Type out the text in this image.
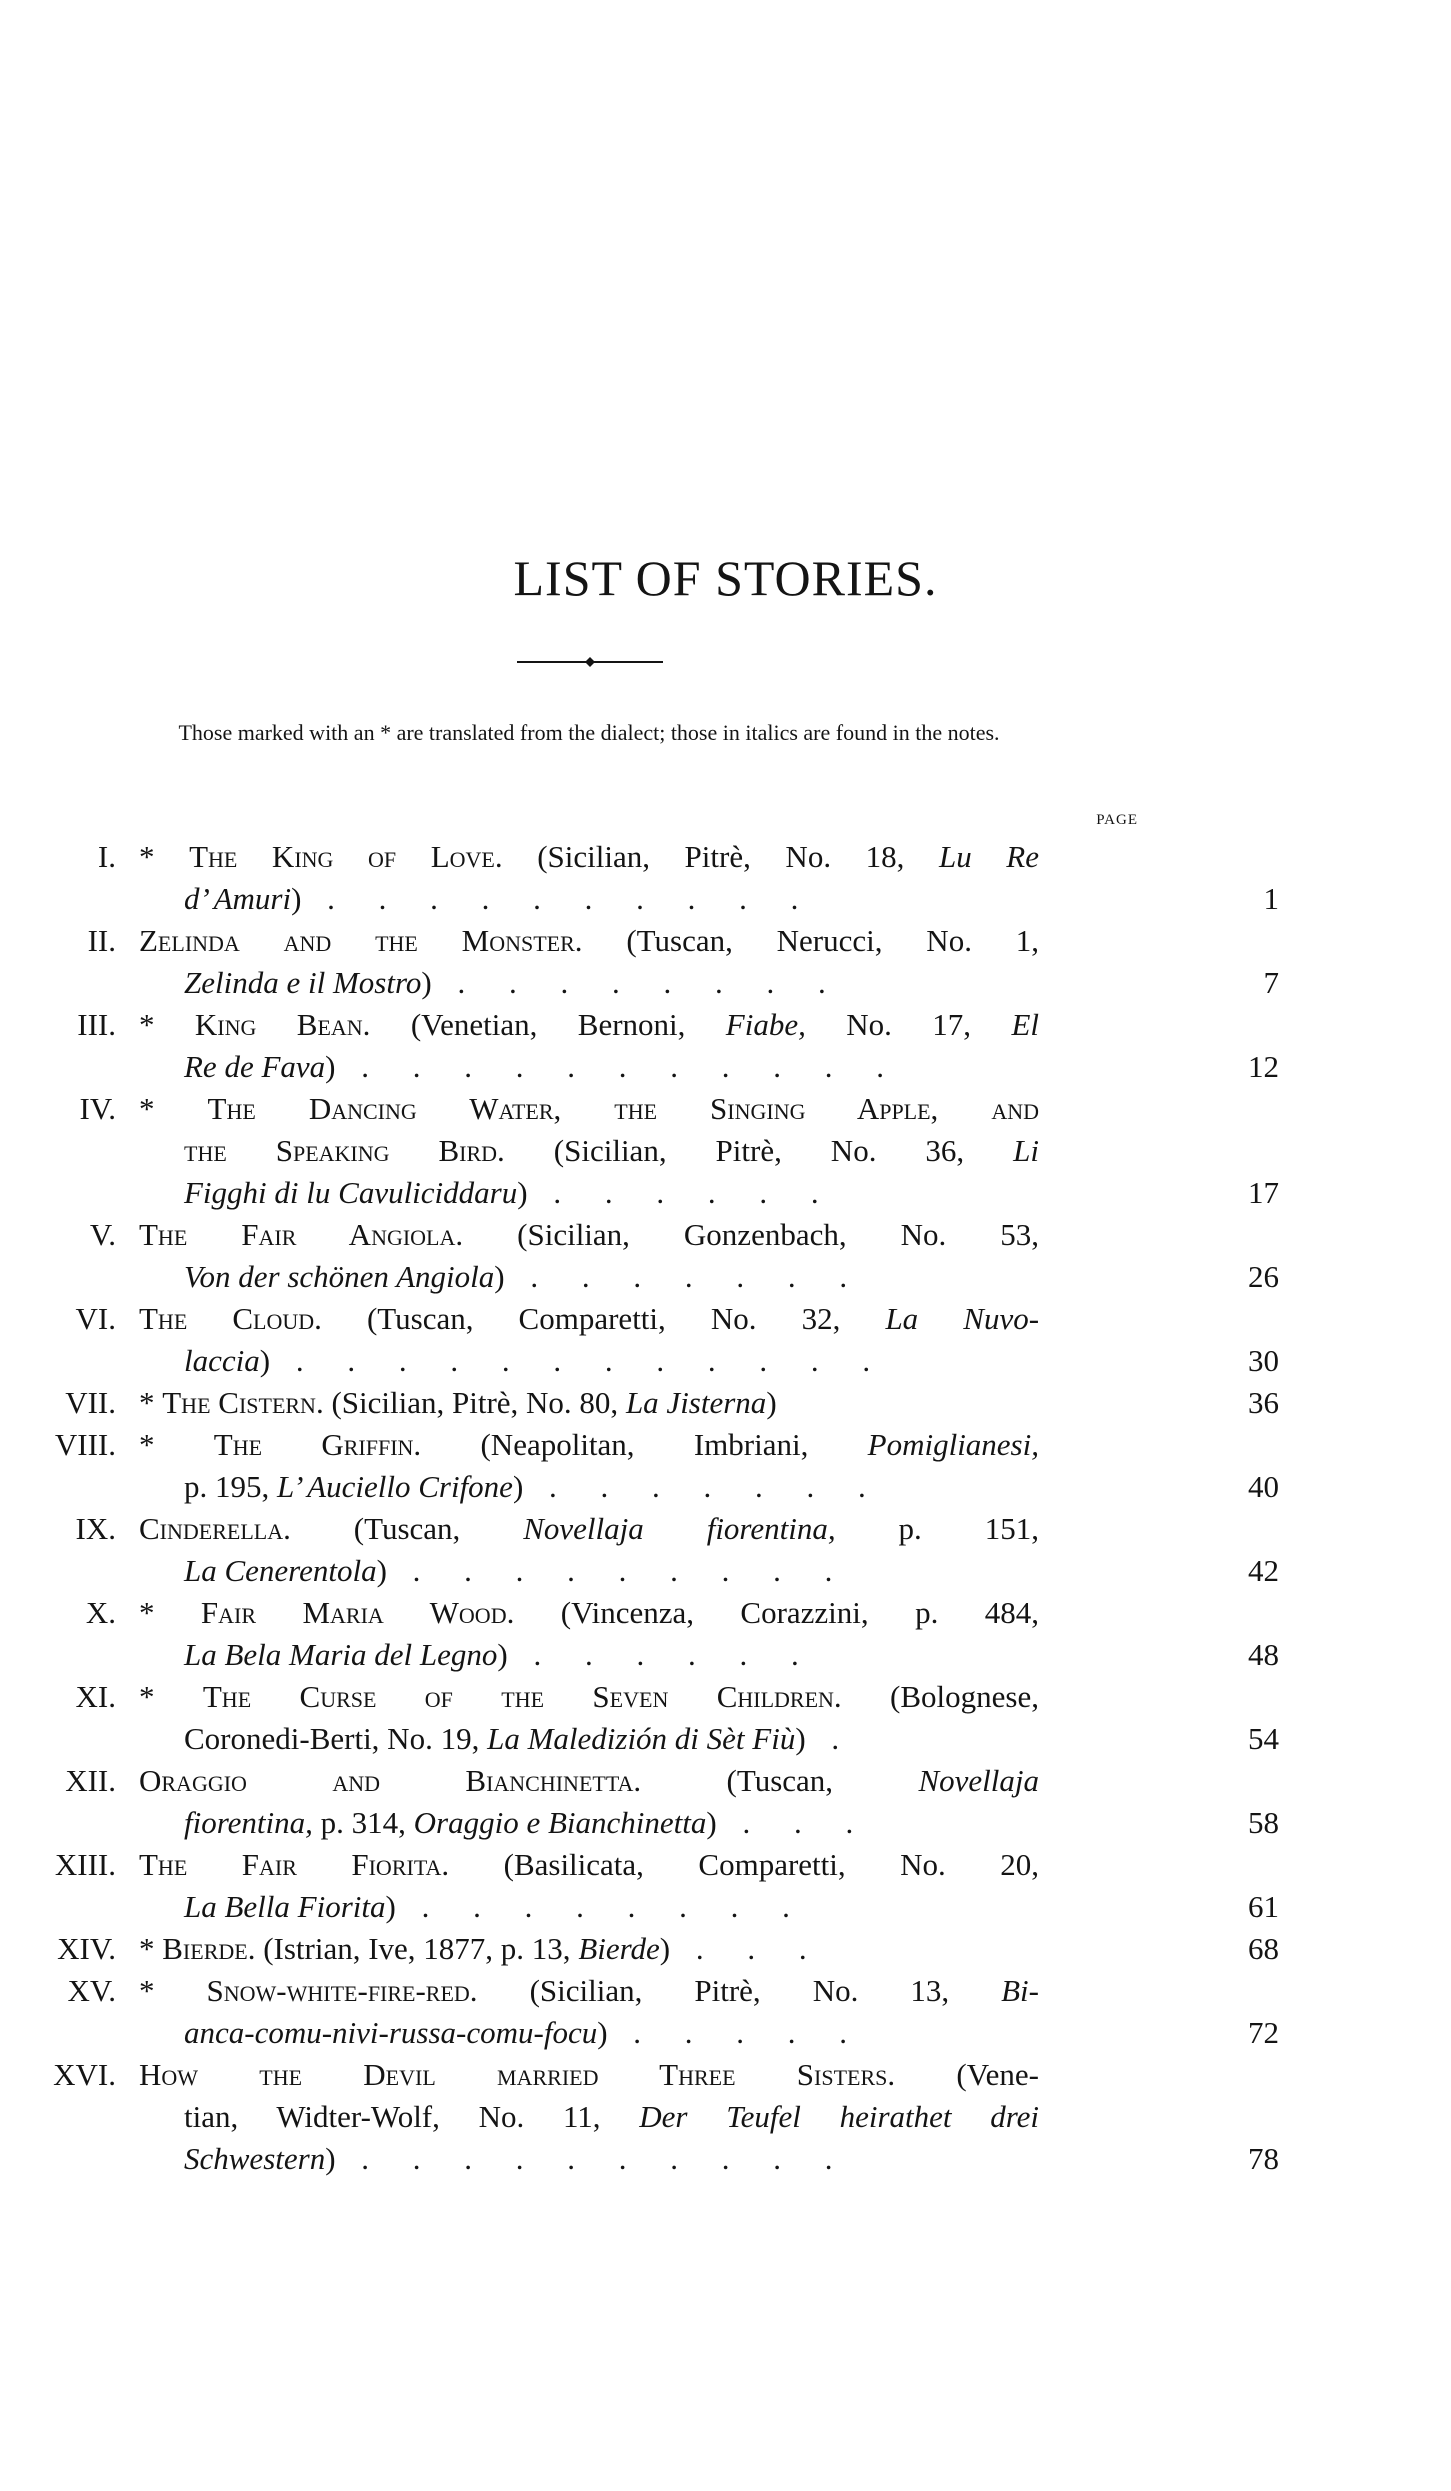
LIST OF STORIES.
Those marked with an * are translated from the dialect; those in italics are found in the notes.
PAGE
I. * The King of Love. (Sicilian, Pitrè, No. 18, Lu Re
d’ Amuri) . . . . . . . . . .	1
II. Zelinda and the Monster. (Tuscan, Nerucci, No. 1,
Zelinda e il Mostro) . . . . . . . .	7
III. * King Bean. (Venetian, Bernoni, Fiabe, No. 17, El
Re de Fava) . . . . . . . . . . .	12
IV. * The Dancing Water, the Singing Apple, and
the Speaking Bird. (Sicilian, Pitrè, No. 36, Li
Figghi di lu Cavuliciddaru) . . . . . .	17
V. The Fair Angiola. (Sicilian, Gonzenbach, No. 53,
Von der schönen Angiola) . . . . . . .	26
VI. The Cloud. (Tuscan, Comparetti, No. 32, La Nuvo-
laccia) . . . . . . . . . . . .	30
VII. * The Cistern. (Sicilian, Pitrè, No. 80, La Jisterna)	36
VIII. * The Griffin. (Neapolitan, Imbriani, Pomiglianesi,
p. 195, L’ Auciello Crifone) . . . . . . .	40
IX. Cinderella. (Tuscan, Novellaja fiorentina, p. 151,
La Cenerentola) . . . . . . . . .	42
X. * Fair Maria Wood. (Vincenza, Corazzini, p. 484,
La Bela Maria del Legno) . . . . . .	48
XI. * The Curse of the Seven Children. (Bolognese,
Coronedi-Berti, No. 19, La Maledizión di Sèt Fiù) .	54
XII. Oraggio and Bianchinetta. (Tuscan, Novellaja
fiorentina, p. 314, Oraggio e Bianchinetta) . . .	58
XIII. The Fair Fiorita. (Basilicata, Comparetti, No. 20,
La Bella Fiorita) . . . . . . . .	61
XIV. * Bierde. (Istrian, Ive, 1877, p. 13, Bierde) . . .	68
XV. * Snow-white-fire-red. (Sicilian, Pitrè, No. 13, Bi-
anca-comu-nivi-russa-comu-focu) . . . . .	72
XVI. How the Devil married Three Sisters. (Vene-
tian, Widter-Wolf, No. 11, Der Teufel heirathet drei
Schwestern) . . . . . . . . . .	78
